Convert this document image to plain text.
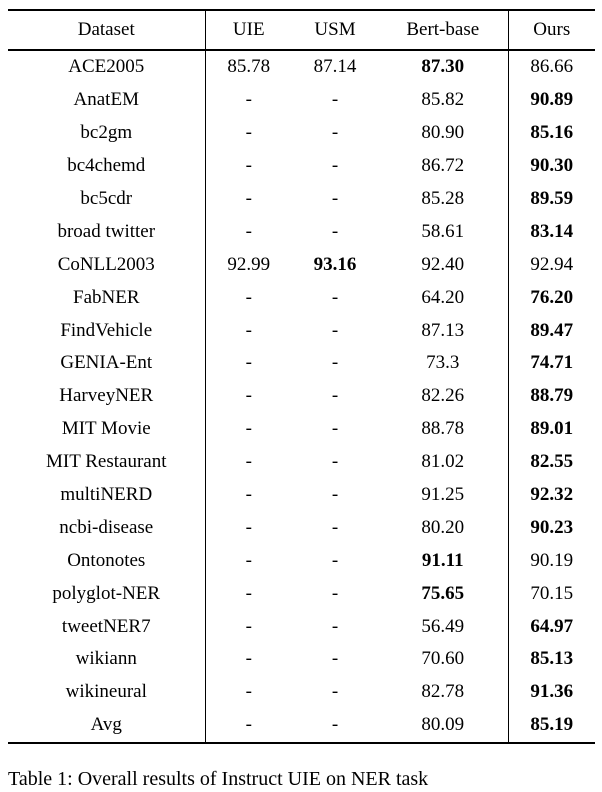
Dataset	UIE	USM	Bert-base	Ours
ACE2005	85.78	87.14	87.30	86.66
AnatEM	-	-	85.82	90.89
bc2gm	-	-	80.90	85.16
bc4chemd	-	-	86.72	90.30
bc5cdr	-	-	85.28	89.59
broad twitter	-	-	58.61	83.14
CoNLL2003	92.99	93.16	92.40	92.94
FabNER	-	-	64.20	76.20
FindVehicle	-	-	87.13	89.47
GENIA-Ent	-	-	73.3	74.71
HarveyNER	-	-	82.26	88.79
MIT Movie	-	-	88.78	89.01
MIT Restaurant	-	-	81.02	82.55
multiNERD	-	-	91.25	92.32
ncbi-disease	-	-	80.20	90.23
Ontonotes	-	-	91.11	90.19
polyglot-NER	-	-	75.65	70.15
tweetNER7	-	-	56.49	64.97
wikiann	-	-	70.60	85.13
wikineural	-	-	82.78	91.36
Avg	-	-	80.09	85.19
Table 1: Overall results of Instruct UIE on NER task
